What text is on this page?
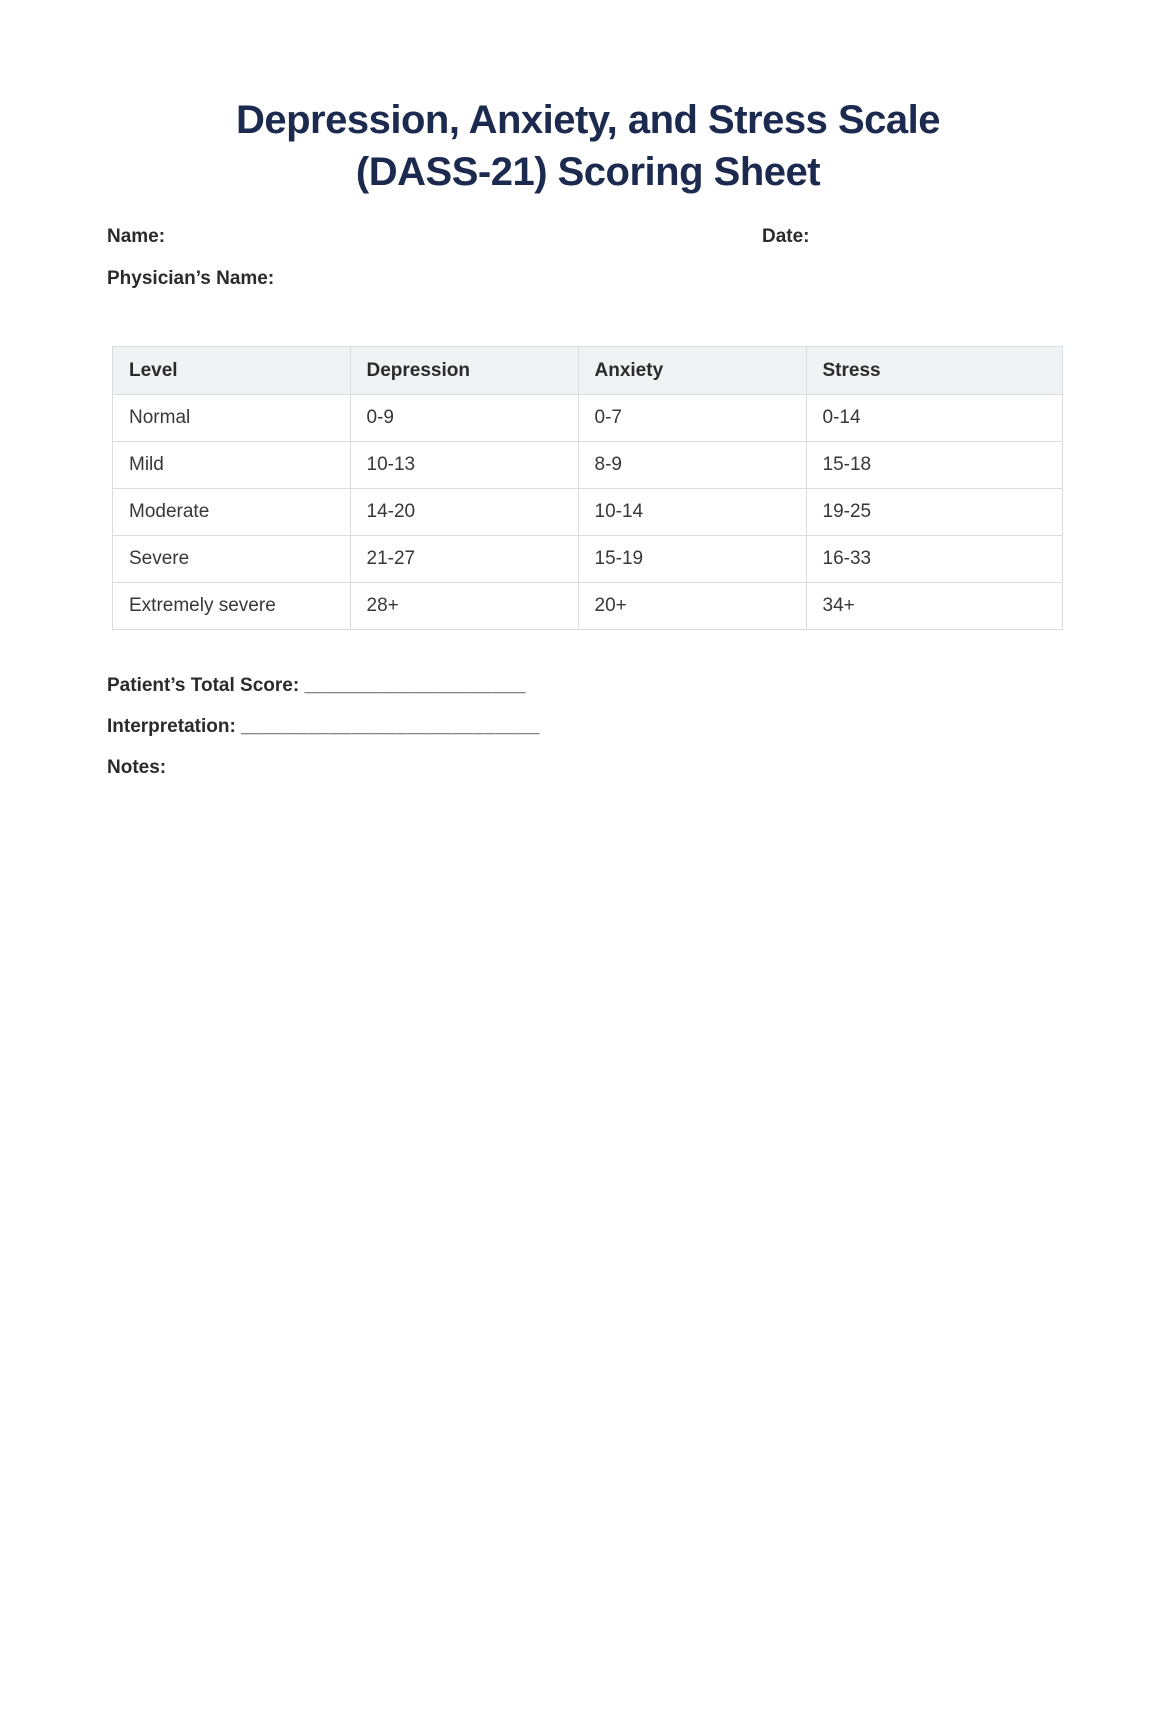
Depression, Anxiety, and Stress Scale
(DASS-21) Scoring Sheet
Name:	Date:
Physician’s Name:
Level	Depression	Anxiety	Stress
Normal	0-9	0-7	0-14
Mild	10-13	8-9	15-18
Moderate	14-20	10-14	19-25
Severe	21-27	15-19	16-33
Extremely severe	28+	20+	34+
Patient’s Total Score: ____________________
Interpretation: ___________________________
Notes:
